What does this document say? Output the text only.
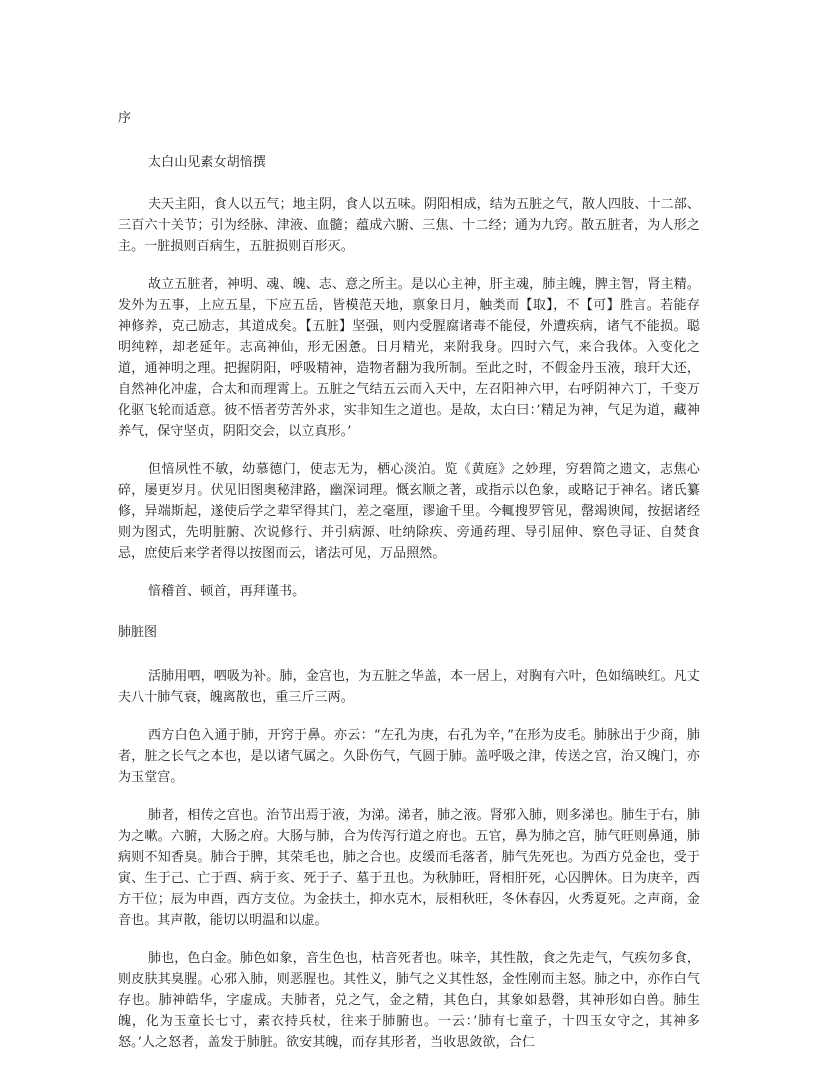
序

太白山见素女胡愔撰

夫天主阳，食人以五气；地主阴，食人以五味。阴阳相成，结为五脏之气，散人四肢、十二部、三百六十关节；引为经脉、津液、血髓；蕴成六腑、三焦、十二经；通为九窍。散五脏者，为人形之主。一脏损则百病生，五脏损则百形灭。

故立五脏者，神明、魂、魄、志、意之所主。是以心主神，肝主魂，肺主魄，脾主智，肾主精。发外为五事，上应五星，下应五岳，皆模范天地，禀象日月，触类而【取】，不【可】胜言。若能存神修养，克己励志，其道成矣。【五脏】坚强，则内受腥腐诸毒不能侵，外遭疾病，诸气不能损。聪明纯粹，却老延年。志高神仙，形无困惫。日月精光，来附我身。四时六气，来合我体。入变化之道，通神明之理。把握阴阳，呼吸精神，造物者翻为我所制。至此之时，不假金丹玉液，琅玕大还，自然神化冲虚，合太和而理霄上。五脏之气结五云而入天中，左召阳神六甲，右呼阴神六丁，千变万化驱飞轮而适意。彼不悟者劳苦外求，实非知生之道也。是故，太白曰：’精足为神，气足为道，藏神养气，保守坚贞，阴阳交会，以立真形。’

但愔夙性不敏，幼慕德门，使志无为，栖心淡泊。览《黄庭》之妙理，穷碧简之遗文，志焦心碎，屡更岁月。伏见旧图奥秘津路，幽深词理。慨玄顺之著，或指示以色象，或略记于神名。诸氏纂修，异端斯起，遂使后学之辈罕得其门，差之毫厘，谬逾千里。今輒搜罗管见，罄竭谀闻，按据诸经则为图式，先明脏腑、次说修行、并引病源、吐纳除疾、旁通药理、导引屈伸、察色寻证、自焚食忌，庶使后来学者得以按图而云，诸法可见，万品照然。

愔稽首、顿首，再拜谨书。

肺脏图

活肺用呬，呬吸为补。肺，金宫也，为五脏之华盖，本一居上，对胸有六叶，色如缟映红。凡丈夫八十肺气衰，魄离散也，重三斤三两。

西方白色入通于肺，开窍于鼻。亦云：“左孔为庚，右孔为辛，”在形为皮毛。肺脉出于少商，肺者，脏之长气之本也，是以诸气属之。久卧伤气，气圆于肺。盖呼吸之津，传送之宫，治又魄门，亦为玉堂宫。

肺者，相传之宫也。治节出焉于液，为涕。涕者，肺之液。肾邪入肺，则多涕也。肺生于右，肺为之嗽。六腑，大肠之府。大肠与肺，合为传泻行道之府也。五官，鼻为肺之宫，肺气旺则鼻通，肺病则不知香臭。肺合于脾，其荣毛也，肺之合也。皮缓而毛落者，肺气先死也。为西方兑金也，受于寅、生于己、亡于酉、病于亥、死于子、墓于丑也。为秋肺旺，肾相肝死，心囚脾休。日为庚辛，西方干位；辰为申酉，西方支位。为金扶土，抑水克木，辰相秋旺，冬休春囚，火秀夏死。之声商，金音也。其声散，能切以明温和以虚。

肺也，色白金。肺色如象，音生色也，枯音死者也。味辛，其性散，食之先走气，气疾勿多食，则皮肤其臭腥。心邪入肺，则恶腥也。其性义，肺气之义其性怒，金性刚而主怒。肺之中，亦作白气存也。肺神皓华，字虚成。夫肺者，兑之气，金之精，其色白，其象如悬磬，其神形如白兽。肺生魄，化为玉童长七寸，素衣持兵杖，往来于肺腑也。一云：’肺有七童子，十四玉女守之，其神多怒。’人之怒者，盖发于肺脏。欲安其魄，而存其形者，当收思敛欲，合仁
